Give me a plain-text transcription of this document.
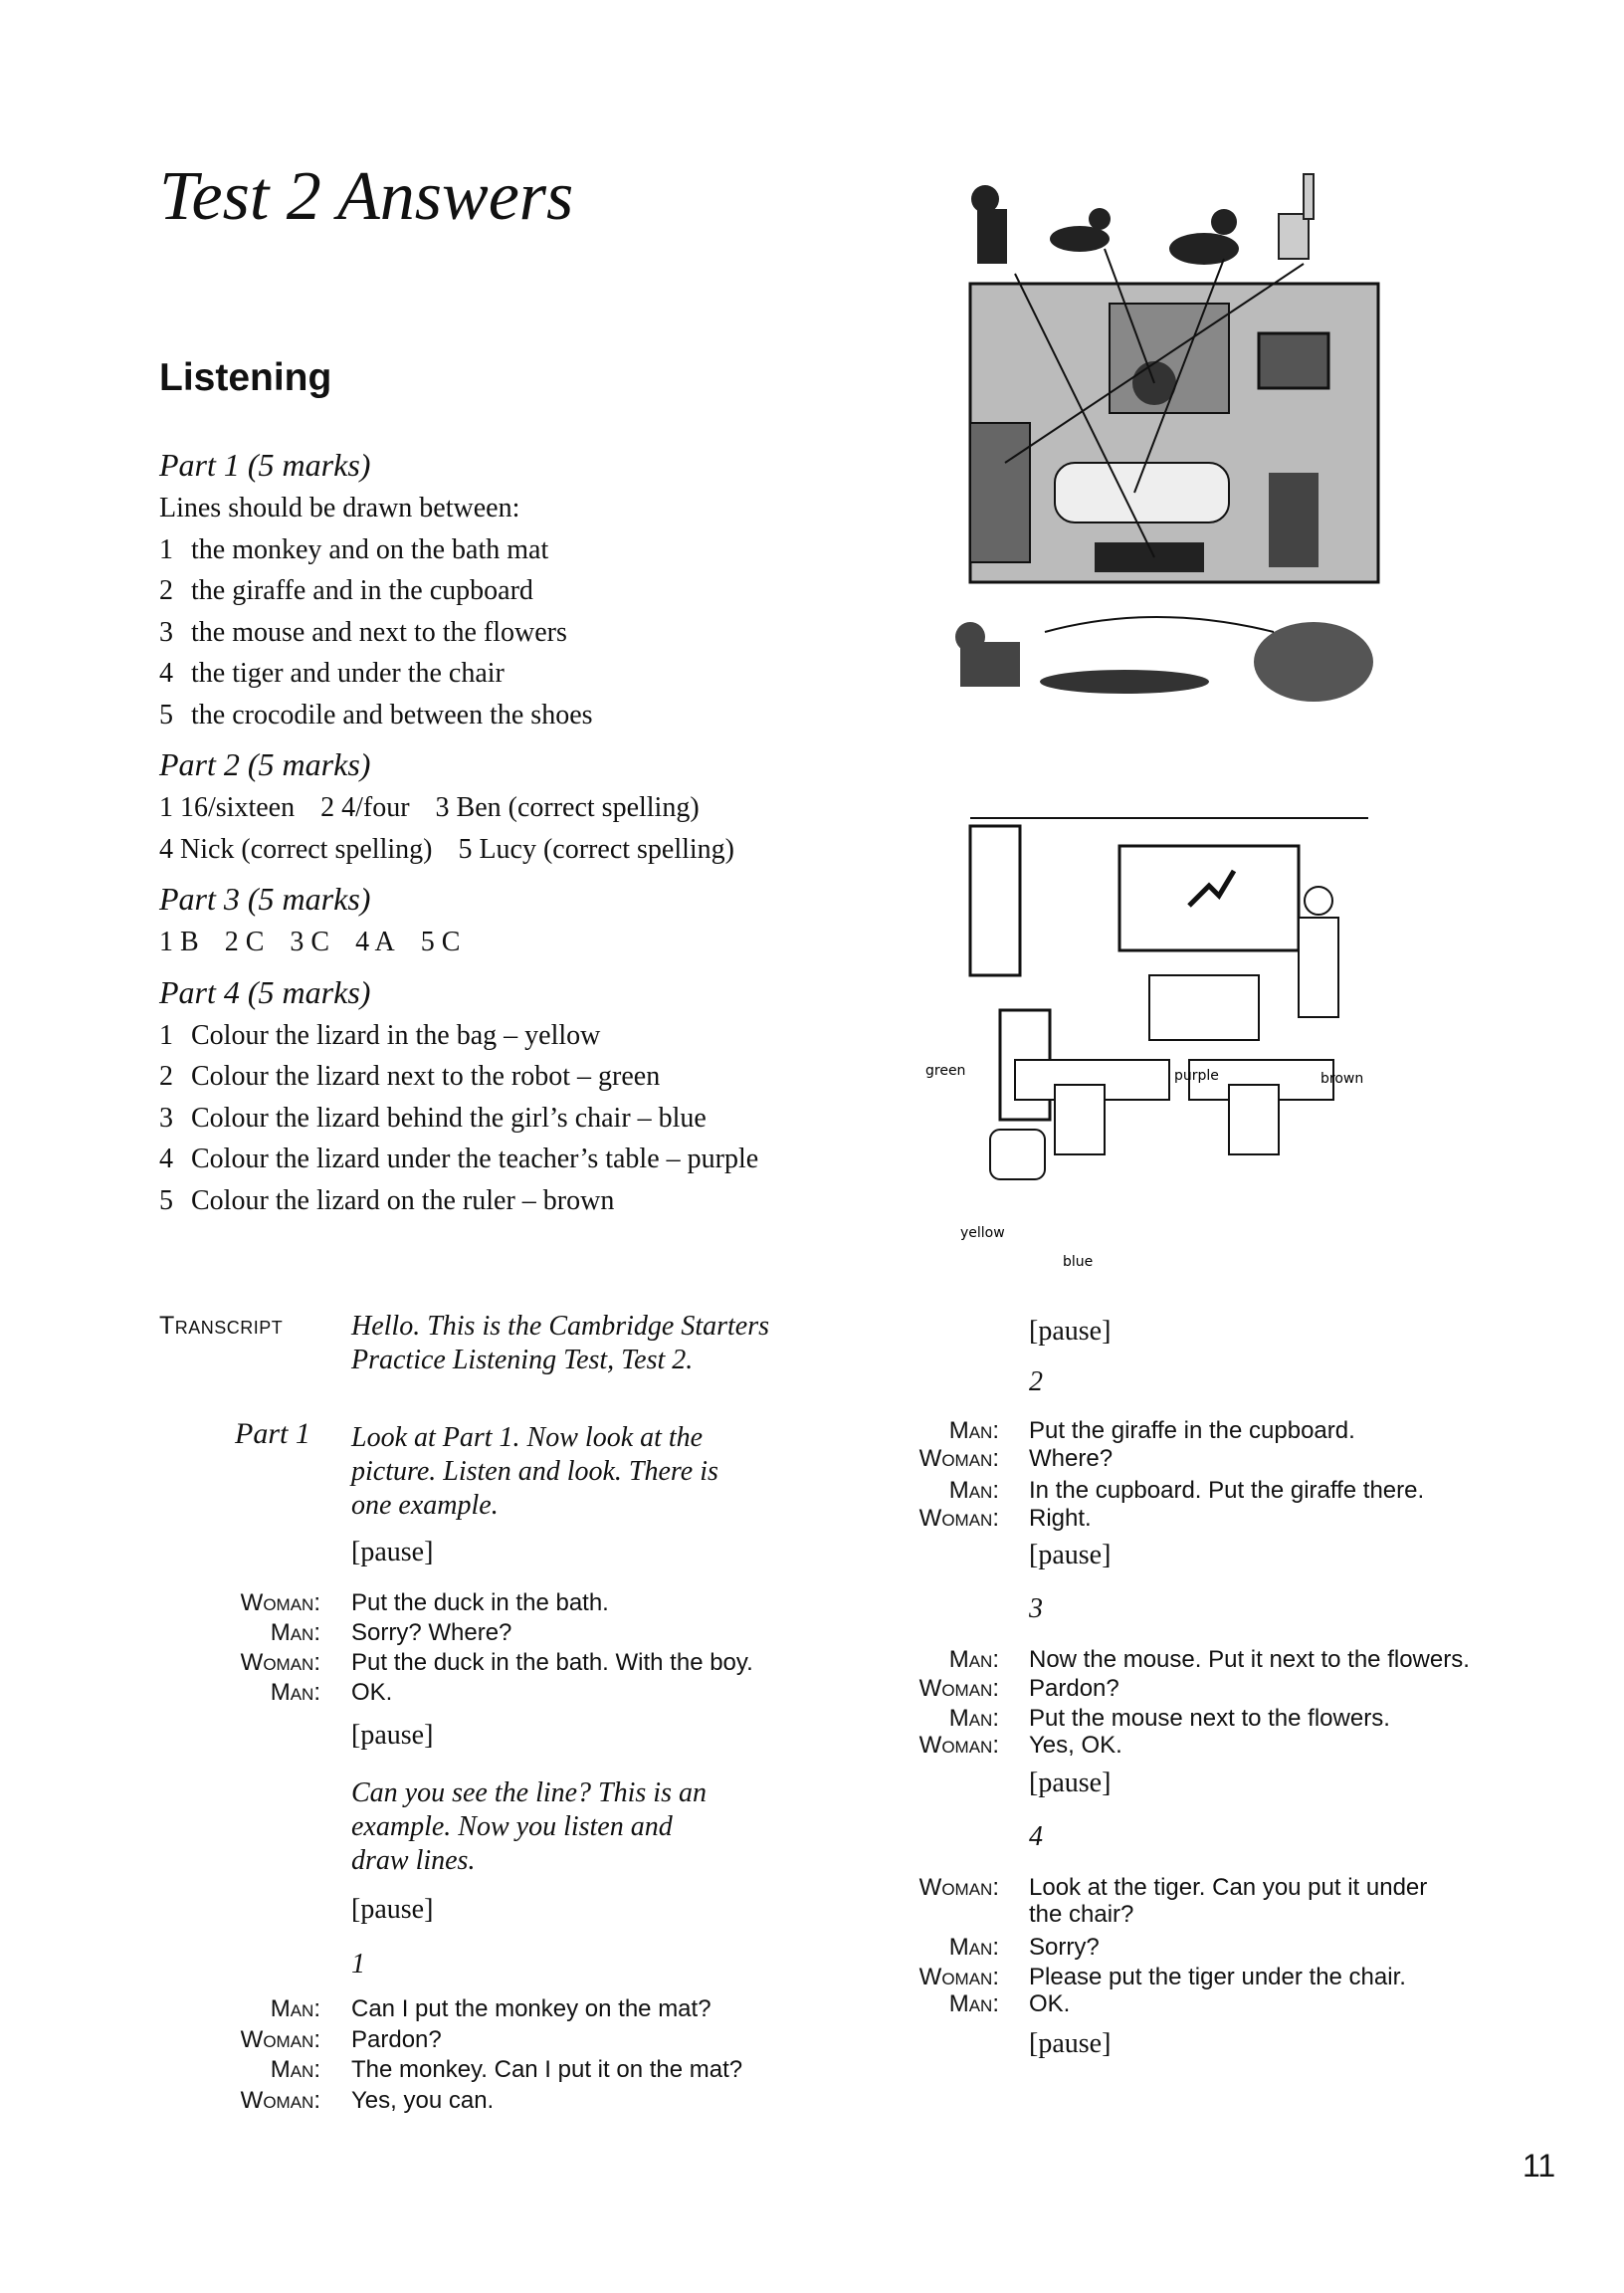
Test 2 Answers
Listening
Part 1 (5 marks)
Lines should be drawn between:
1 the monkey and on the bath mat
2 the giraffe and in the cupboard
3 the mouse and next to the flowers
4 the tiger and under the chair
5 the crocodile and between the shoes
Part 2 (5 marks)
1 16/sixteen 2 4/four 3 Ben (correct spelling)
4 Nick (correct spelling) 5 Lucy (correct spelling)
Part 3 (5 marks)
1 B 2 C 3 C 4 A 5 C
Part 4 (5 marks)
1 Colour the lizard in the bag – yellow
2 Colour the lizard next to the robot – green
3 Colour the lizard behind the girl’s chair – blue
4 Colour the lizard under the teacher’s table – purple
5 Colour the lizard on the ruler – brown
green	purple	brown
yellow
blue
Transcript Hello. This is the Cambridge Starters
Practice Listening Test, Test 2.
Part 1 Look at Part 1. Now look at the
picture. Listen and look. There is
one example.
[pause]
Woman: Put the duck in the bath.
Man: Sorry? Where?
Woman: Put the duck in the bath. With the boy.
Man: OK.
[pause]
Can you see the line? This is an
example. Now you listen and
draw lines.
[pause]
1
Man: Can I put the monkey on the mat?
Woman: Pardon?
Man: The monkey. Can I put it on the mat?
Woman: Yes, you can.
[pause]
2
Man: Put the giraffe in the cupboard.
Woman: Where?
Man: In the cupboard. Put the giraffe there.
Woman: Right.
[pause]
3
Man: Now the mouse. Put it next to the flowers.
Woman: Pardon?
Man: Put the mouse next to the flowers.
Woman: Yes, OK.
[pause]
4
Woman: Look at the tiger. Can you put it under
the chair?
Man: Sorry?
Woman: Please put the tiger under the chair.
Man: OK.
[pause]
11
